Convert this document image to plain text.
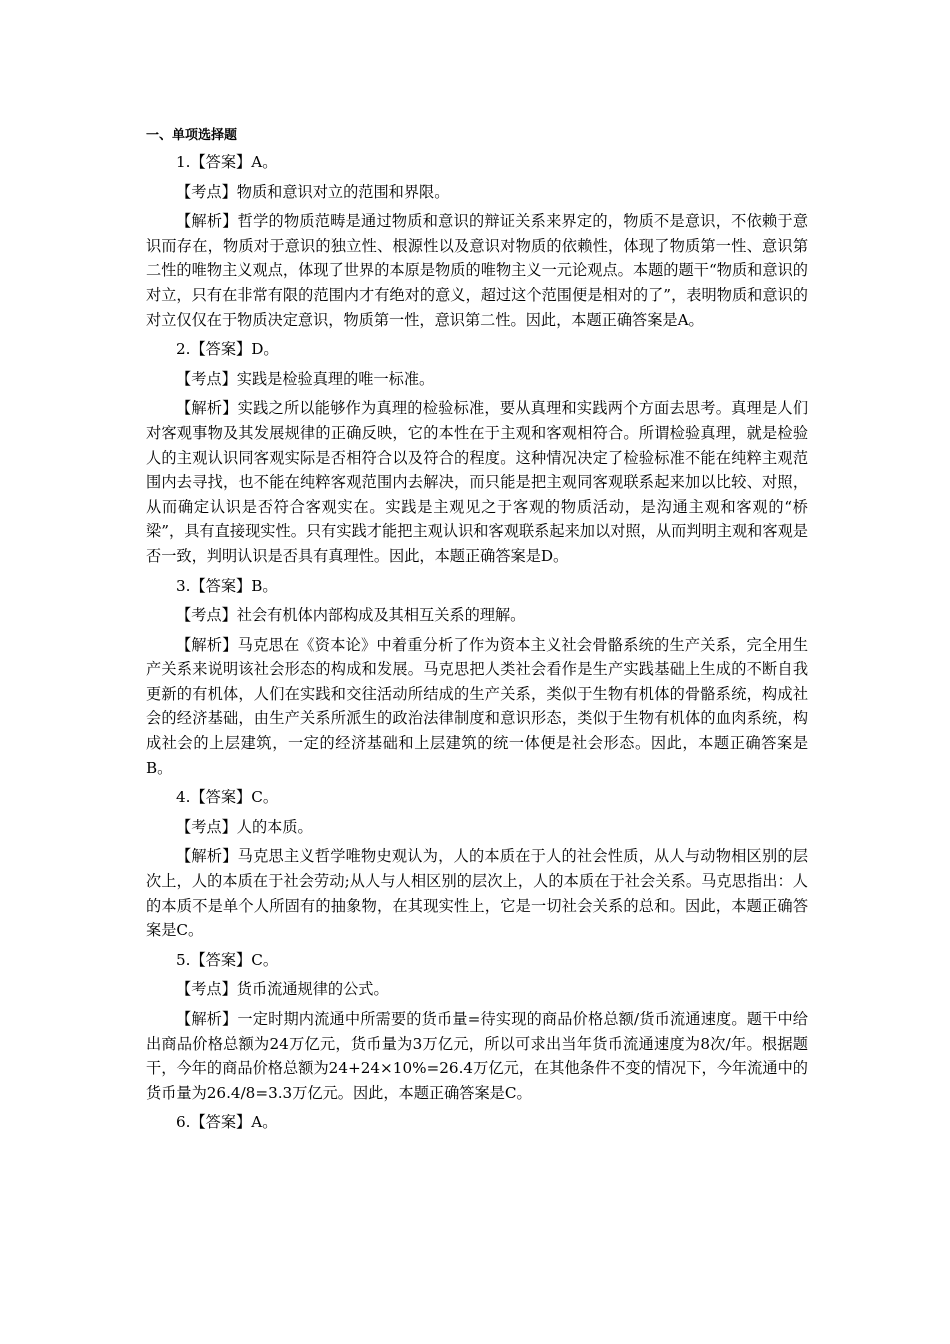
一、单项选择题

1.【答案】A。

【考点】物质和意识对立的范围和界限。

【解析】哲学的物质范畴是通过物质和意识的辩证关系来界定的，物质不是意识，不依赖于意识而存在，物质对于意识的独立性、根源性以及意识对物质的依赖性，体现了物质第一性、意识第二性的唯物主义观点，体现了世界的本原是物质的唯物主义一元论观点。本题的题干“物质和意识的对立，只有在非常有限的范围内才有绝对的意义，超过这个范围便是相对的了”，表明物质和意识的对立仅仅在于物质决定意识，物质第一性，意识第二性。因此，本题正确答案是A。

2.【答案】D。

【考点】实践是检验真理的唯一标准。

【解析】实践之所以能够作为真理的检验标准，要从真理和实践两个方面去思考。真理是人们对客观事物及其发展规律的正确反映，它的本性在于主观和客观相符合。所谓检验真理，就是检验人的主观认识同客观实际是否相符合以及符合的程度。这种情况决定了检验标准不能在纯粹主观范围内去寻找，也不能在纯粹客观范围内去解决，而只能是把主观同客观联系起来加以比较、对照，从而确定认识是否符合客观实在。实践是主观见之于客观的物质活动，是沟通主观和客观的“桥梁”，具有直接现实性。只有实践才能把主观认识和客观联系起来加以对照，从而判明主观和客观是否一致，判明认识是否具有真理性。因此，本题正确答案是D。

3.【答案】B。

【考点】社会有机体内部构成及其相互关系的理解。

【解析】马克思在《资本论》中着重分析了作为资本主义社会骨骼系统的生产关系，完全用生产关系来说明该社会形态的构成和发展。马克思把人类社会看作是生产实践基础上生成的不断自我更新的有机体，人们在实践和交往活动所结成的生产关系，类似于生物有机体的骨骼系统，构成社会的经济基础，由生产关系所派生的政治法律制度和意识形态，类似于生物有机体的血肉系统，构成社会的上层建筑，一定的经济基础和上层建筑的统一体便是社会形态。因此，本题正确答案是B。

4.【答案】C。

【考点】人的本质。

【解析】马克思主义哲学唯物史观认为，人的本质在于人的社会性质，从人与动物相区别的层次上，人的本质在于社会劳动;从人与人相区别的层次上，人的本质在于社会关系。马克思指出：人的本质不是单个人所固有的抽象物，在其现实性上，它是一切社会关系的总和。因此，本题正确答案是C。

5.【答案】C。

【考点】货币流通规律的公式。

【解析】一定时期内流通中所需要的货币量=待实现的商品价格总额/货币流通速度。题干中给出商品价格总额为24万亿元，货币量为3万亿元，所以可求出当年货币流通速度为8次/年。根据题干，今年的商品价格总额为24+24×10%=26.4万亿元，在其他条件不变的情况下，今年流通中的货币量为26.4/8=3.3万亿元。因此，本题正确答案是C。

6.【答案】A。
